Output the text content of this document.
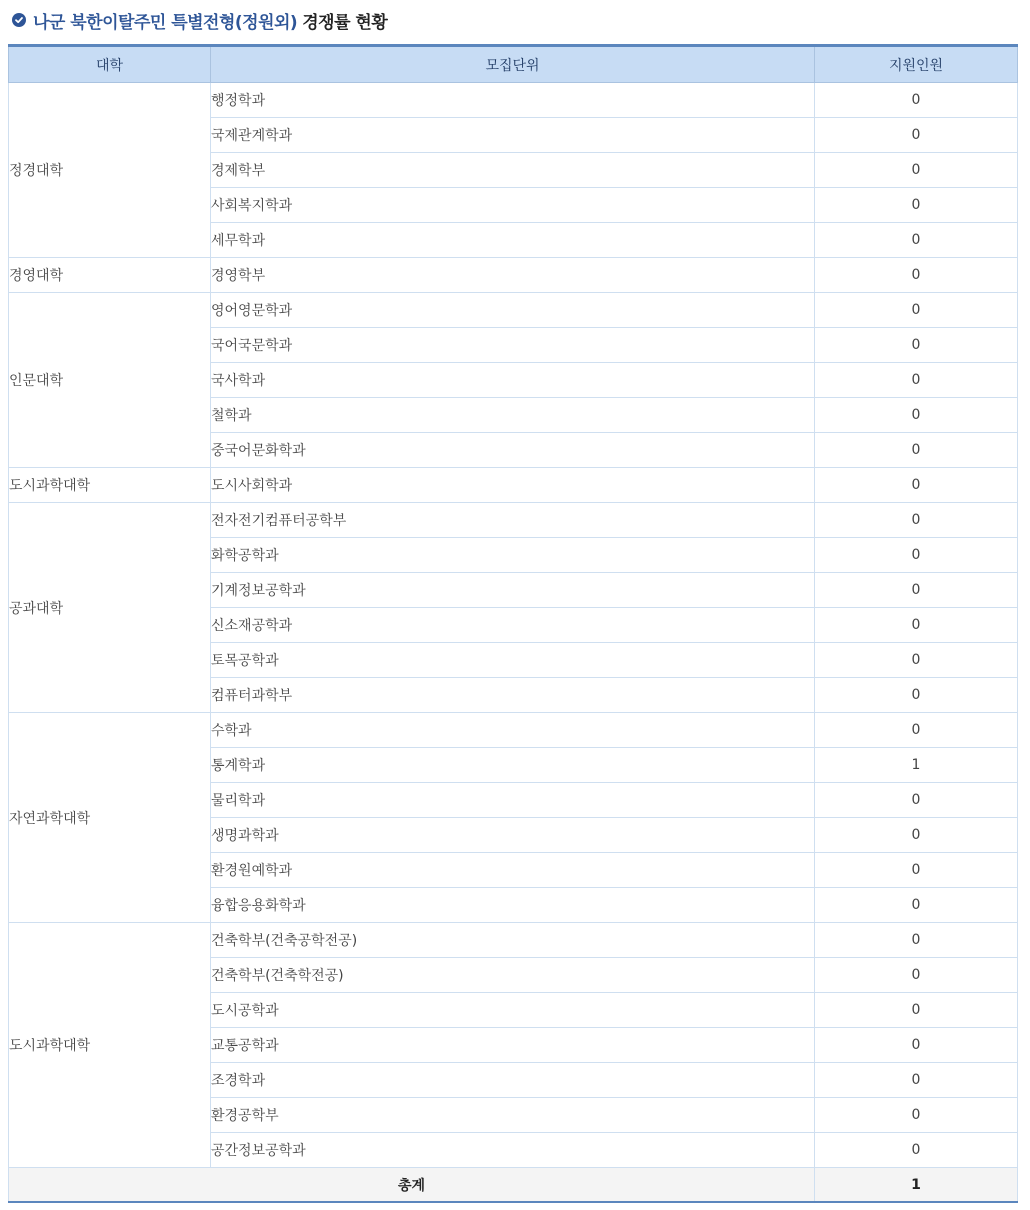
나군 북한이탈주민 특별전형(정원외) 경쟁률 현황
대학	모집단위	지원인원
정경대학	행정학과	0
	국제관계학과	0
	경제학부	0
	사회복지학과	0
	세무학과	0
경영대학	경영학부	0
인문대학	영어영문학과	0
	국어국문학과	0
	국사학과	0
	철학과	0
	중국어문화학과	0
도시과학대학	도시사회학과	0
공과대학	전자전기컴퓨터공학부	0
	화학공학과	0
	기계정보공학과	0
	신소재공학과	0
	토목공학과	0
	컴퓨터과학부	0
자연과학대학	수학과	0
	통계학과	1
	물리학과	0
	생명과학과	0
	환경원예학과	0
	융합응용화학과	0
도시과학대학	건축학부(건축공학전공)	0
	건축학부(건축학전공)	0
	도시공학과	0
	교통공학과	0
	조경학과	0
	환경공학부	0
	공간정보공학과	0
총계		1
